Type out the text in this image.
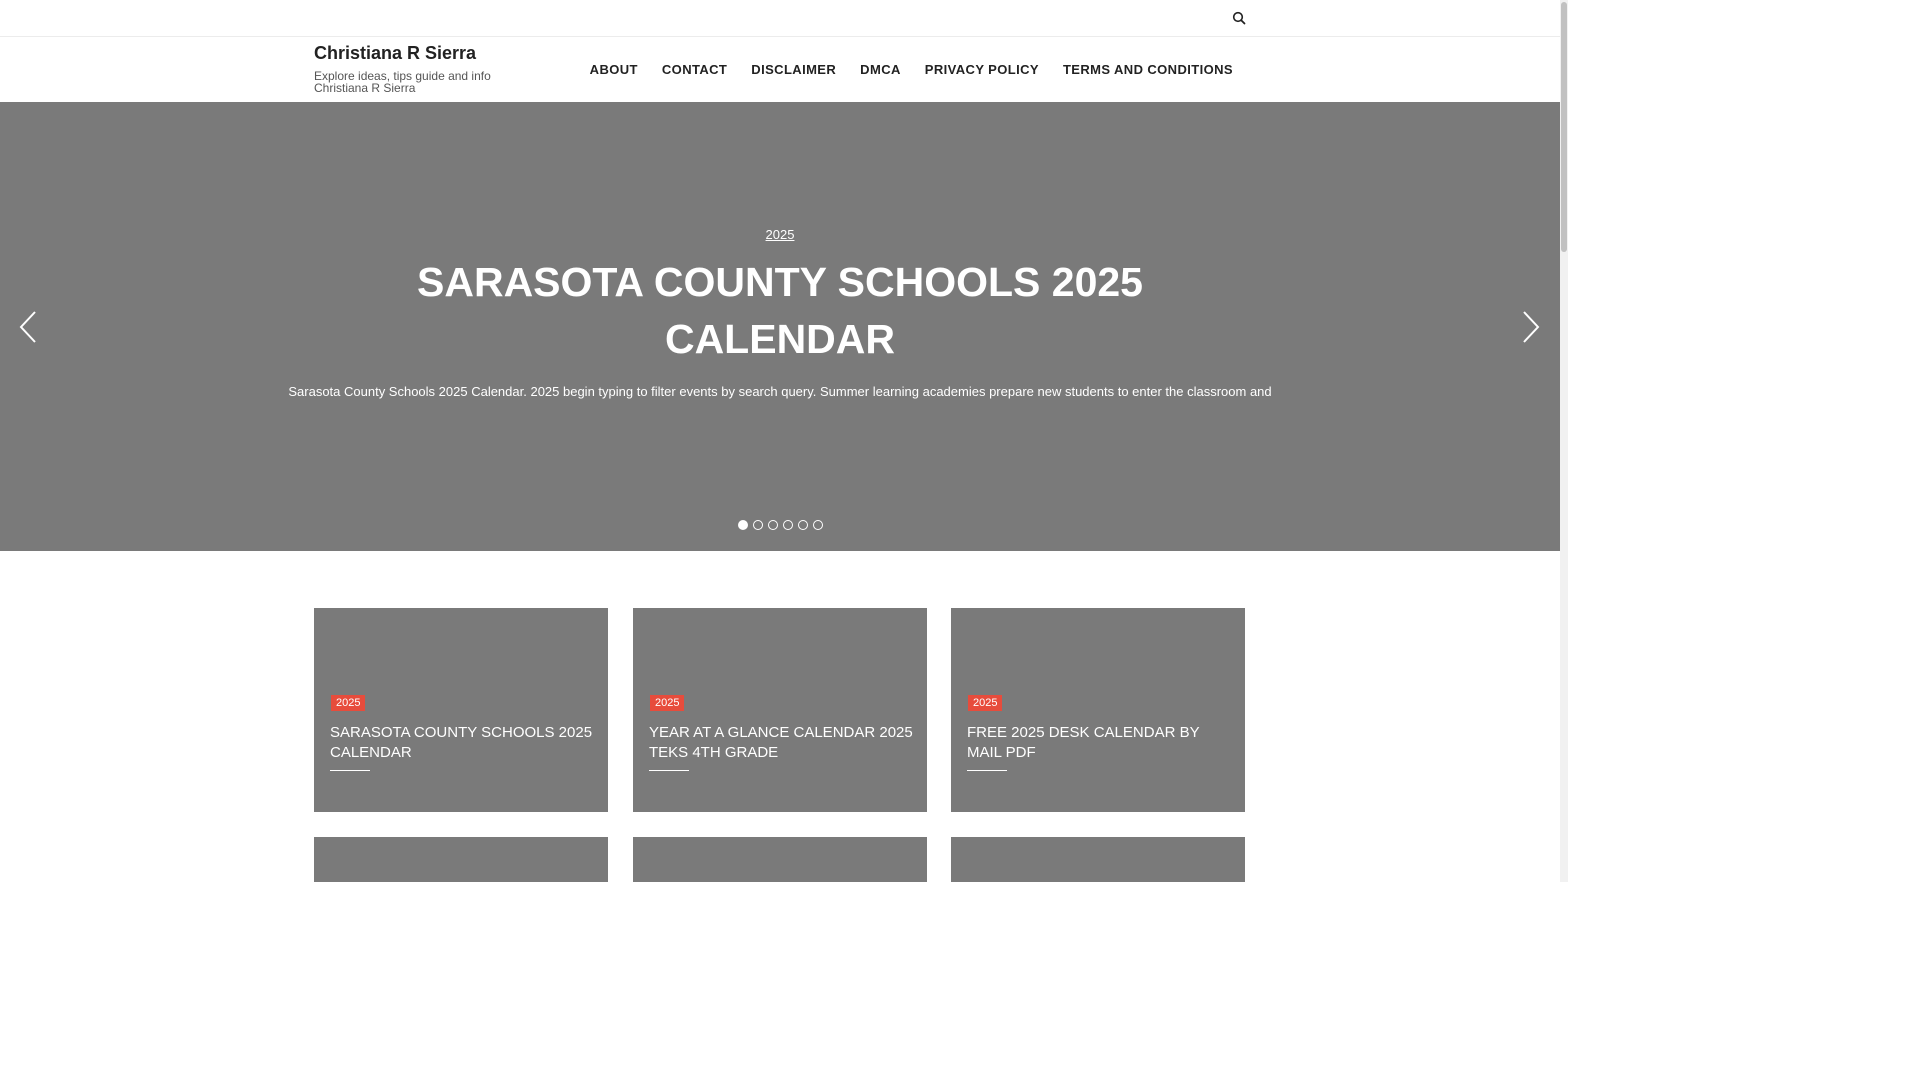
Christiana R Sierra
Explore ideas, tips guide and info Christiana R Sierra
ABOUT CONTACT DISCLAIMER DMCA PRIVACY POLICY TERMS AND CONDITIONS
2025
SARASOTA COUNTY SCHOOLS 2025 CALENDAR
Sarasota County Schools 2025 Calendar. 2025 begin typing to filter events by search query. Summer learning academies prepare new students to enter the classroom and
2025
SARASOTA COUNTY SCHOOLS 2025 CALENDAR
2025
YEAR AT A GLANCE CALENDAR 2025 TEKS 4TH GRADE
2025
FREE 2025 DESK CALENDAR BY MAIL PDF
